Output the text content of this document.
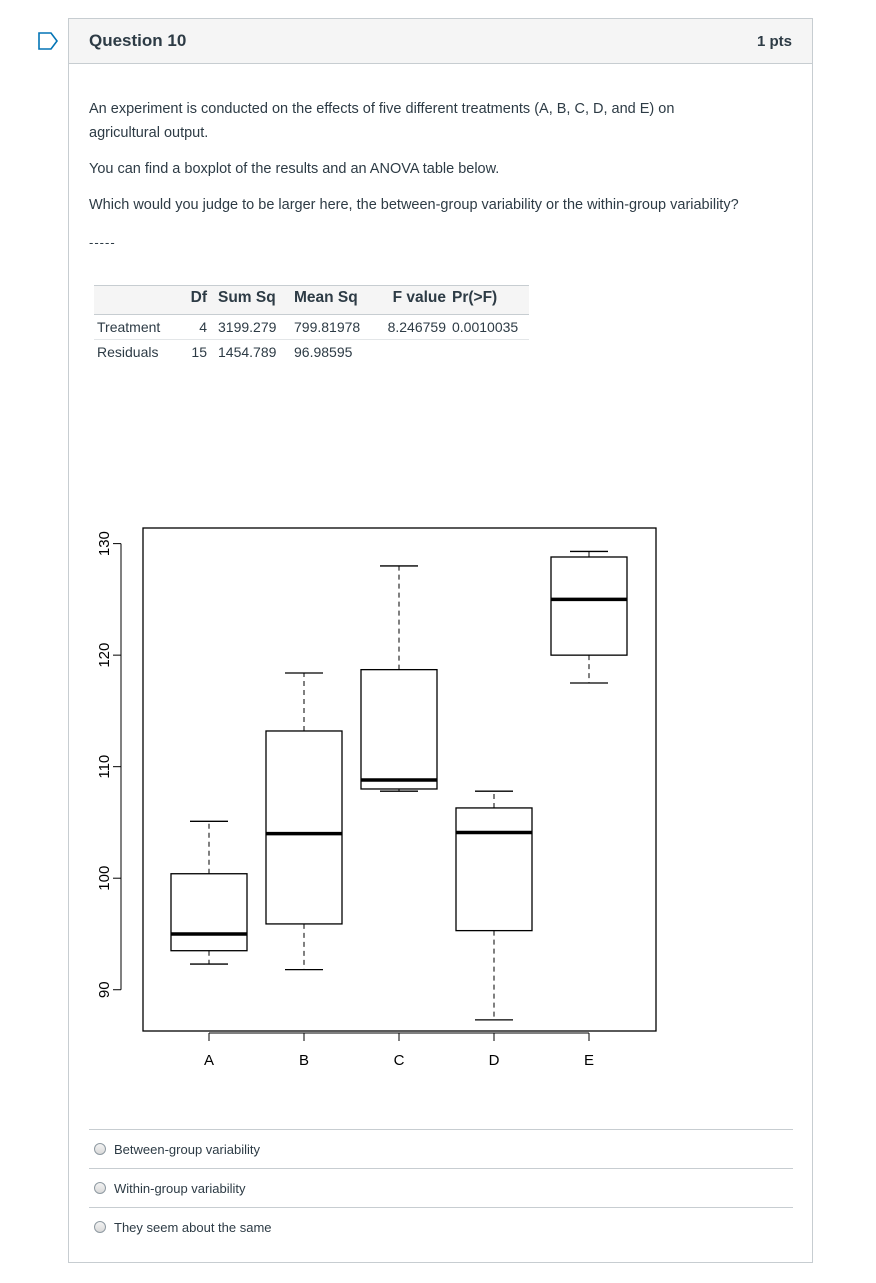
Question 10	1 pts

An experiment is conducted on the effects of five different treatments (A, B, C, D, and E) on agricultural output.

You can find a boxplot of the results and an ANOVA table below.

Which would you judge to be larger here, the between-group variability or the within-group variability?

-----
	Df	Sum Sq	Mean Sq	F value	Pr(>F)
Treatment	4	3199.279	799.81978	8.246759	0.0010035
Residuals	15	1454.789	96.98595		
90
100
110
120
130
A	B	C	D	E
Between-group variability
Within-group variability
They seem about the same
